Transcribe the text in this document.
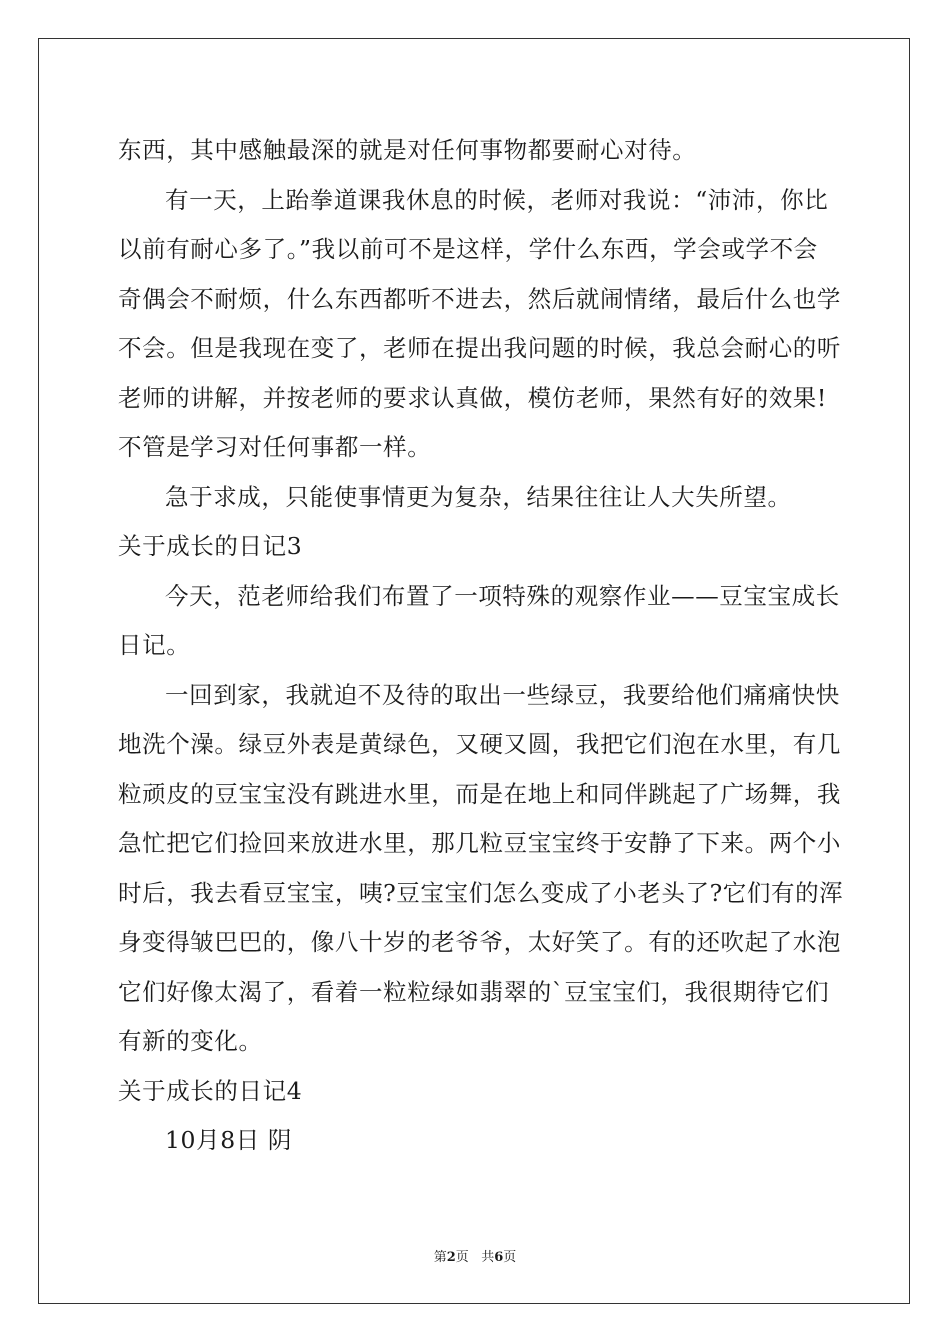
东西，其中感触最深的就是对任何事物都要耐心对待。
有一天，上跆拳道课我休息的时候，老师对我说：“沛沛，你比
以前有耐心多了。”我以前可不是这样，学什么东西，学会或学不会
奇偶会不耐烦，什么东西都听不进去，然后就闹情绪，最后什么也学
不会。但是我现在变了，老师在提出我问题的时候，我总会耐心的听
老师的讲解，并按老师的要求认真做，模仿老师，果然有好的效果!
不管是学习对任何事都一样。
急于求成，只能使事情更为复杂，结果往往让人大失所望。
关于成长的日记3
今天，范老师给我们布置了一项特殊的观察作业——豆宝宝成长
日记。
一回到家，我就迫不及待的取出一些绿豆，我要给他们痛痛快快
地洗个澡。绿豆外表是黄绿色，又硬又圆，我把它们泡在水里，有几
粒顽皮的豆宝宝没有跳进水里，而是在地上和同伴跳起了广场舞，我
急忙把它们捡回来放进水里，那几粒豆宝宝终于安静了下来。两个小
时后，我去看豆宝宝，咦?豆宝宝们怎么变成了小老头了?它们有的浑
身变得皱巴巴的，像八十岁的老爷爷，太好笑了。有的还吹起了水泡
它们好像太渴了，看着一粒粒绿如翡翠的`豆宝宝们，我很期待它们
有新的变化。
关于成长的日记4
10月8日 阴
第2页 共6页
